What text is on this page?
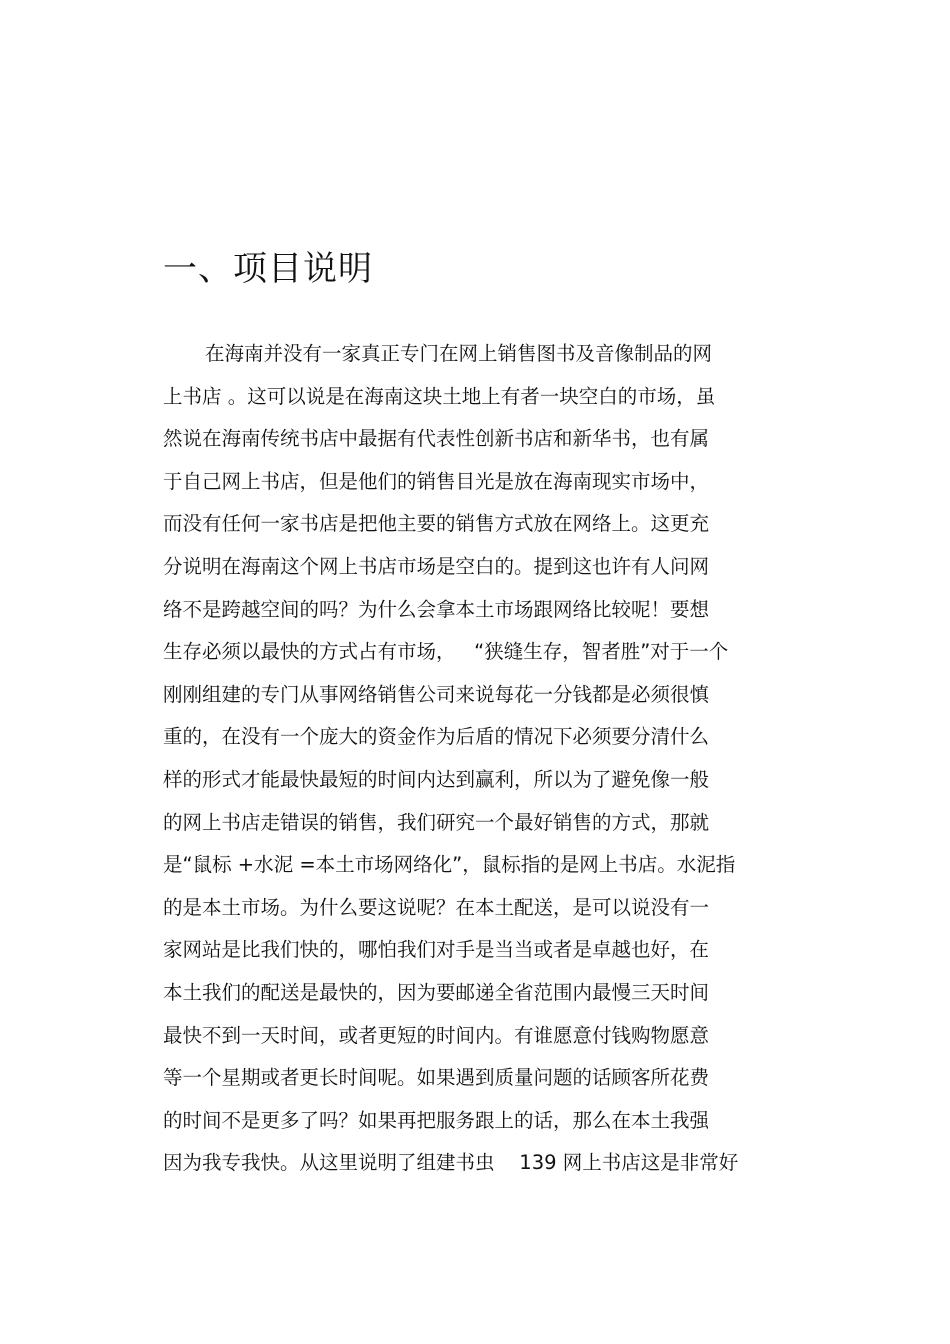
一、项目说明
在海南并没有一家真正专门在网上销售图书及音像制品的网
上书店 。这可以说是在海南这块土地上有者一块空白的市场，虽
然说在海南传统书店中最据有代表性创新书店和新华书，也有属
于自己网上书店，但是他们的销售目光是放在海南现实市场中，
而没有任何一家书店是把他主要的销售方式放在网络上。这更充
分说明在海南这个网上书店市场是空白的。提到这也许有人问网
络不是跨越空间的吗？为什么会拿本土市场跟网络比较呢！要想
生存必须以最快的方式占有市场，   “狭缝生存，智者胜”对于一个
刚刚组建的专门从事网络销售公司来说每花一分钱都是必须很慎
重的，在没有一个庞大的资金作为后盾的情况下必须要分清什么
样的形式才能最快最短的时间内达到赢利，所以为了避免像一般
的网上书店走错误的销售，我们研究一个最好销售的方式，那就
是“鼠标 +水泥 =本土市场网络化”，鼠标指的是网上书店。水泥指
的是本土市场。为什么要这说呢？在本土配送，是可以说没有一
家网站是比我们快的，哪怕我们对手是当当或者是卓越也好，在
本土我们的配送是最快的，因为要邮递全省范围内最慢三天时间
最快不到一天时间，或者更短的时间内。有谁愿意付钱购物愿意
等一个星期或者更长时间呢。如果遇到质量问题的话顾客所花费
的时间不是更多了吗？如果再把服务跟上的话，那么在本土我强
因为我专我快。从这里说明了组建书虫    139 网上书店这是非常好
